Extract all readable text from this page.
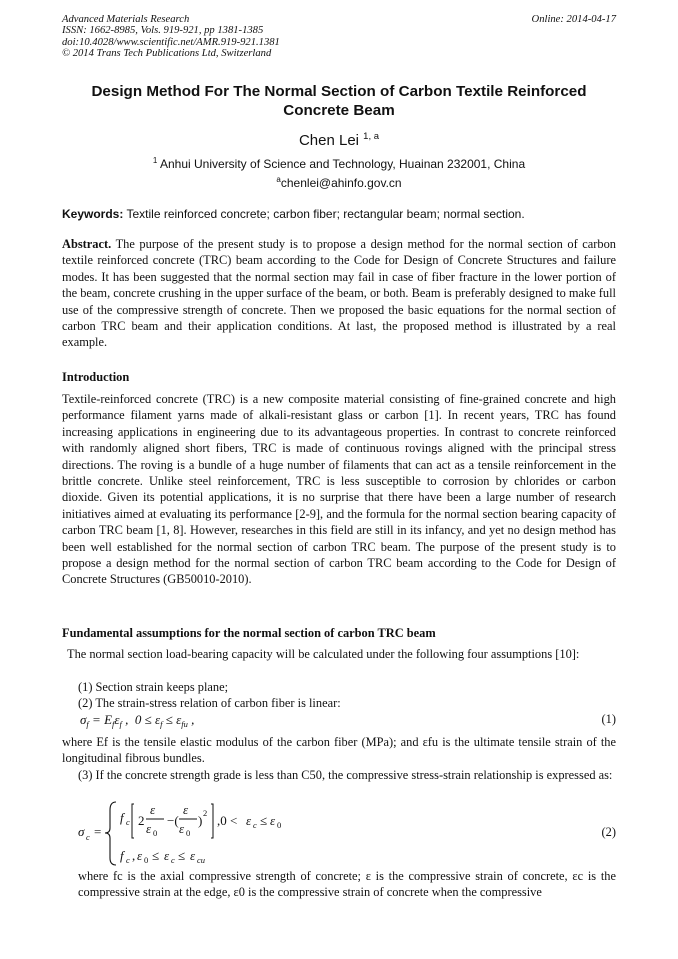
Advanced Materials Research
ISSN: 1662-8985, Vols. 919-921, pp 1381-1385
doi:10.4028/www.scientific.net/AMR.919-921.1381
© 2014 Trans Tech Publications Ltd, Switzerland
Online: 2014-04-17
Design Method For The Normal Section of Carbon Textile Reinforced Concrete Beam
Chen Lei $^{1, a}$
$^1$ Anhui University of Science and Technology, Huainan 232001, China
$^a$chenlei@ahinfo.gov.cn
Keywords: Textile reinforced concrete; carbon fiber; rectangular beam; normal section.

Abstract. The purpose of the present study is to propose a design method for the normal section of carbon textile reinforced concrete (TRC) beam according to the Code for Design of Concrete Structures and failure modes. It has been suggested that the normal section may fail in case of fiber fracture in the lower portion of the beam, concrete crushing in the upper surface of the beam, or both. Beam is preferably designed to make full use of the compressive strength of concrete. Then we proposed the basic equations for the normal section of carbon TRC beam and their application conditions. At last, the proposed method is illustrated by a real example.

Introduction

Textile-reinforced concrete (TRC) is a new composite material consisting of fine-grained concrete and high performance filament yarns made of alkali-resistant glass or carbon [1]. In recent years, TRC has found increasing applications in engineering due to its advantageous properties. In contrast to concrete reinforced with randomly aligned short fibers, TRC is made of continuous rovings aligned with the principal stress directions. The roving is a bundle of a huge number of filaments that can act as a tensile reinforcement in the brittle concrete. Unlike steel reinforcement, TRC is less susceptible to corrosion by chlorides or carbon dioxide. Given its potential applications, it is no surprise that there have been a large number of research initiatives aimed at evaluating its performance [2-9], and the formula for the normal section bearing capacity of carbon TRC beam [1, 8]. However, researches in this field are still in its infancy, and yet no design method has been well established for the normal section of carbon TRC beam. The purpose of the present study is to propose a design method for the normal section of carbon TRC beam according to the Code for Design of Concrete Structures (GB50010-2010).

Fundamental assumptions for the normal section of carbon TRC beam
The normal section load-bearing capacity will be calculated under the following four assumptions [10]:
(1) Section strain keeps plane;
(2) The strain-stress relation of carbon fiber is linear:
$\sigma_f = E_f\varepsilon_f$ ,  $0 \le \varepsilon_f \le \varepsilon_{fu}$ ,	(1)
where Ef is the tensile elastic modulus of the carbon fiber (MPa); and εfu is the ultimate tensile strain of the longitudinal fibrous bundles.
(3) If the concrete strength grade is less than C50, the compressive stress-strain relationship is expressed as:
σ c =
f c 2
ε
ε 0
−(
ε
ε 0
) 2 ,0 < ε c ≤ ε 0
f c , ε 0 ≤ ε c ≤ ε cu
(2)
where fc is the axial compressive strength of concrete; ε is the compressive strain of concrete, εc is the compressive strain at the edge, ε0 is the compressive strain of concrete when the compressive
